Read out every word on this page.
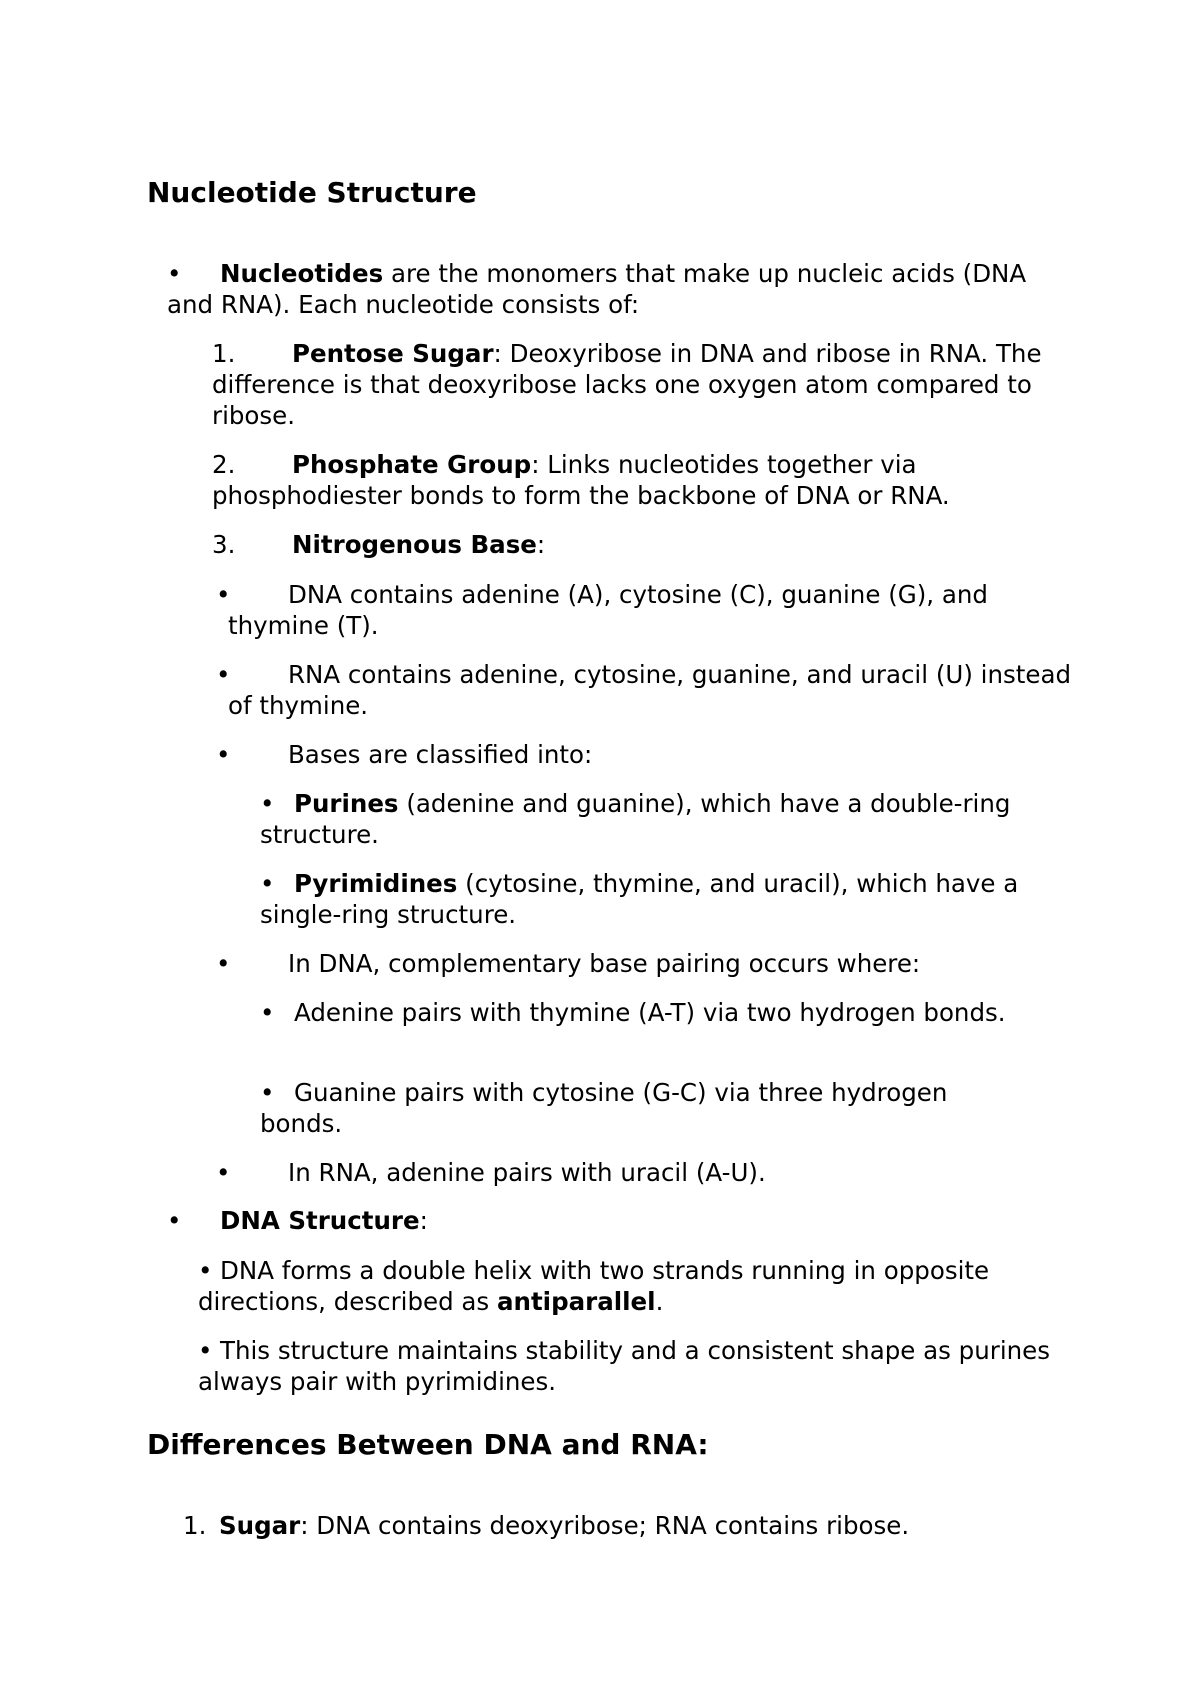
Nucleotide Structure
• Nucleotides are the monomers that make up nucleic acids (DNA and RNA). Each nucleotide consists of:
1.	Pentose Sugar: Deoxyribose in DNA and ribose in RNA. The difference is that deoxyribose lacks one oxygen atom compared to ribose.
2.	Phosphate Group: Links nucleotides together via phosphodiester bonds to form the backbone of DNA or RNA.
3.	Nitrogenous Base:
• DNA contains adenine (A), cytosine (C), guanine (G), and thymine (T).
• RNA contains adenine, cytosine, guanine, and uracil (U) instead of thymine.
• Bases are classified into:
• Purines (adenine and guanine), which have a double-ring structure.
• Pyrimidines (cytosine, thymine, and uracil), which have a single-ring structure.
• In DNA, complementary base pairing occurs where:
• Adenine pairs with thymine (A-T) via two hydrogen bonds.
• Guanine pairs with cytosine (G-C) via three hydrogen bonds.
• In RNA, adenine pairs with uracil (A-U).
• DNA Structure:
• DNA forms a double helix with two strands running in opposite directions, described as antiparallel.
• This structure maintains stability and a consistent shape as purines always pair with pyrimidines.
Differences Between DNA and RNA:
1. Sugar: DNA contains deoxyribose; RNA contains ribose.
